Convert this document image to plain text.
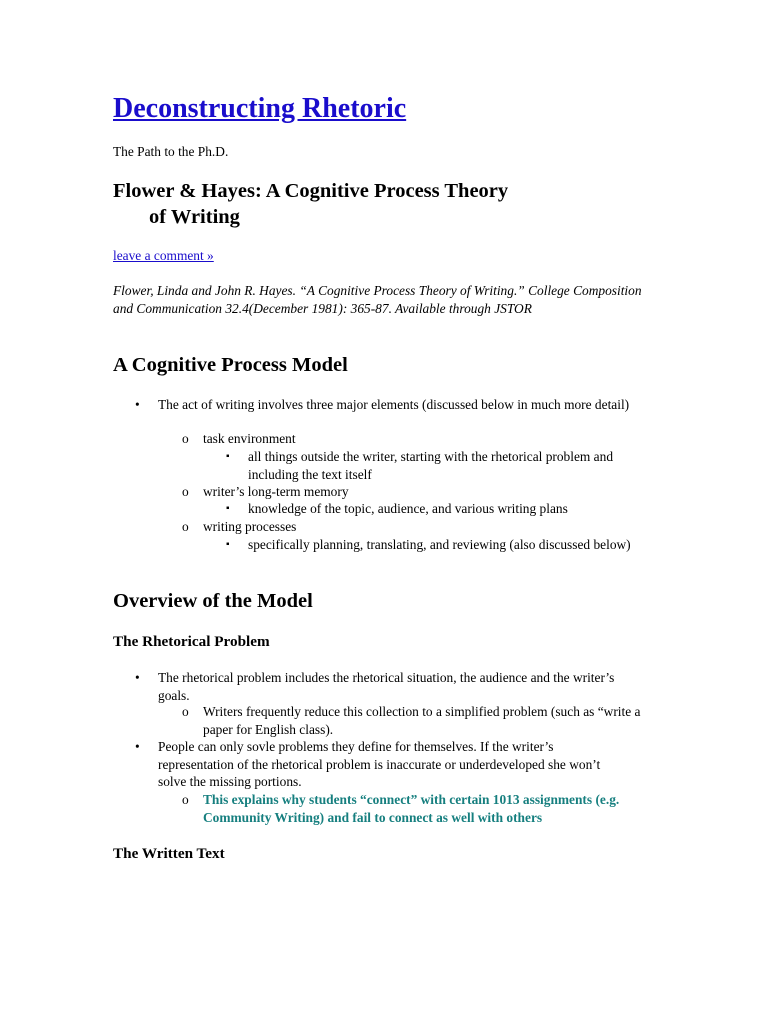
Deconstructing Rhetoric
The Path to the Ph.D.
Flower & Hayes: A Cognitive Process Theory
of Writing
leave a comment »
Flower, Linda and John R. Hayes. “A Cognitive Process Theory of Writing.” College Composition and Communication 32.4(December 1981): 365-87. Available through JSTOR
A Cognitive Process Model
• The act of writing involves three major elements (discussed below in much more detail)
o task environment
▪ all things outside the writer, starting with the rhetorical problem and including the text itself
o writer’s long-term memory
▪ knowledge of the topic, audience, and various writing plans
o writing processes
▪ specifically planning, translating, and reviewing (also discussed below)
Overview of the Model
The Rhetorical Problem
• The rhetorical problem includes the rhetorical situation, the audience and the writer’s goals.
o Writers frequently reduce this collection to a simplified problem (such as “write a paper for English class).
• People can only sovle problems they define for themselves. If the writer’s representation of the rhetorical problem is inaccurate or underdeveloped she won’t solve the missing portions.
o This explains why students “connect” with certain 1013 assignments (e.g. Community Writing) and fail to connect as well with others
The Written Text
